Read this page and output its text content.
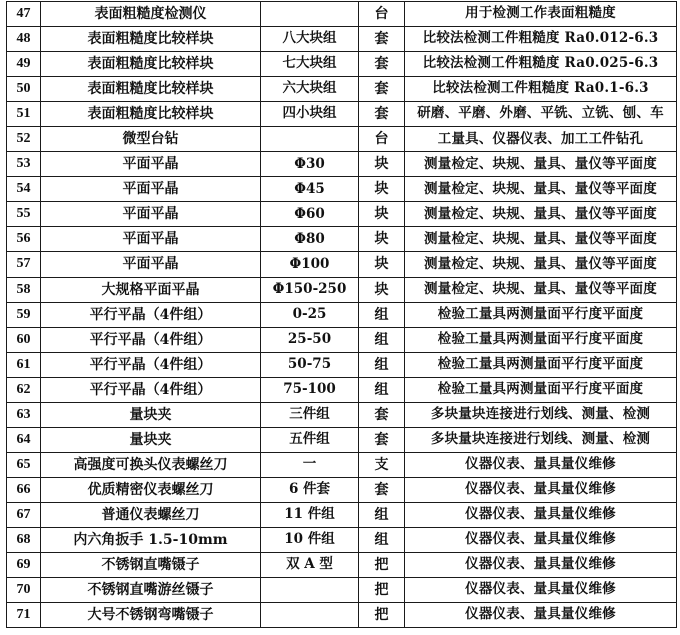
47	表面粗糙度检测仪		台	用于检测工作表面粗糙度
48	表面粗糙度比较样块	八大块组	套	比较法检测工件粗糙度 Ra0.012-6.3
49	表面粗糙度比较样块	七大块组	套	比较法检测工件粗糙度 Ra0.025-6.3
50	表面粗糙度比较样块	六大块组	套	比较法检测工件粗糙度 Ra0.1-6.3
51	表面粗糙度比较样块	四小块组	套	研磨、平磨、外磨、平铣、立铣、刨、车
52	微型台钻		台	工量具、仪器仪表、加工工件钻孔
53	平面平晶	Φ30	块	测量检定、块规、量具、量仪等平面度
54	平面平晶	Φ45	块	测量检定、块规、量具、量仪等平面度
55	平面平晶	Φ60	块	测量检定、块规、量具、量仪等平面度
56	平面平晶	Φ80	块	测量检定、块规、量具、量仪等平面度
57	平面平晶	Φ100	块	测量检定、块规、量具、量仪等平面度
58	大规格平面平晶	Φ150-250	块	测量检定、块规、量具、量仪等平面度
59	平行平晶（4件组）	0-25	组	检验工量具两测量面平行度平面度
60	平行平晶（4件组）	25-50	组	检验工量具两测量面平行度平面度
61	平行平晶（4件组）	50-75	组	检验工量具两测量面平行度平面度
62	平行平晶（4件组）	75-100	组	检验工量具两测量面平行度平面度
63	量块夹	三件组	套	多块量块连接进行划线、测量、检测
64	量块夹	五件组	套	多块量块连接进行划线、测量、检测
65	高强度可换头仪表螺丝刀	一	支	仪器仪表、量具量仪维修
66	优质精密仪表螺丝刀	6 件套	套	仪器仪表、量具量仪维修
67	普通仪表螺丝刀	11 件组	组	仪器仪表、量具量仪维修
68	内六角扳手 1.5-10mm	10 件组	组	仪器仪表、量具量仪维修
69	不锈钢直嘴镊子	双 A 型	把	仪器仪表、量具量仪维修
70	不锈钢直嘴游丝镊子		把	仪器仪表、量具量仪维修
71	大号不锈钢弯嘴镊子		把	仪器仪表、量具量仪维修
